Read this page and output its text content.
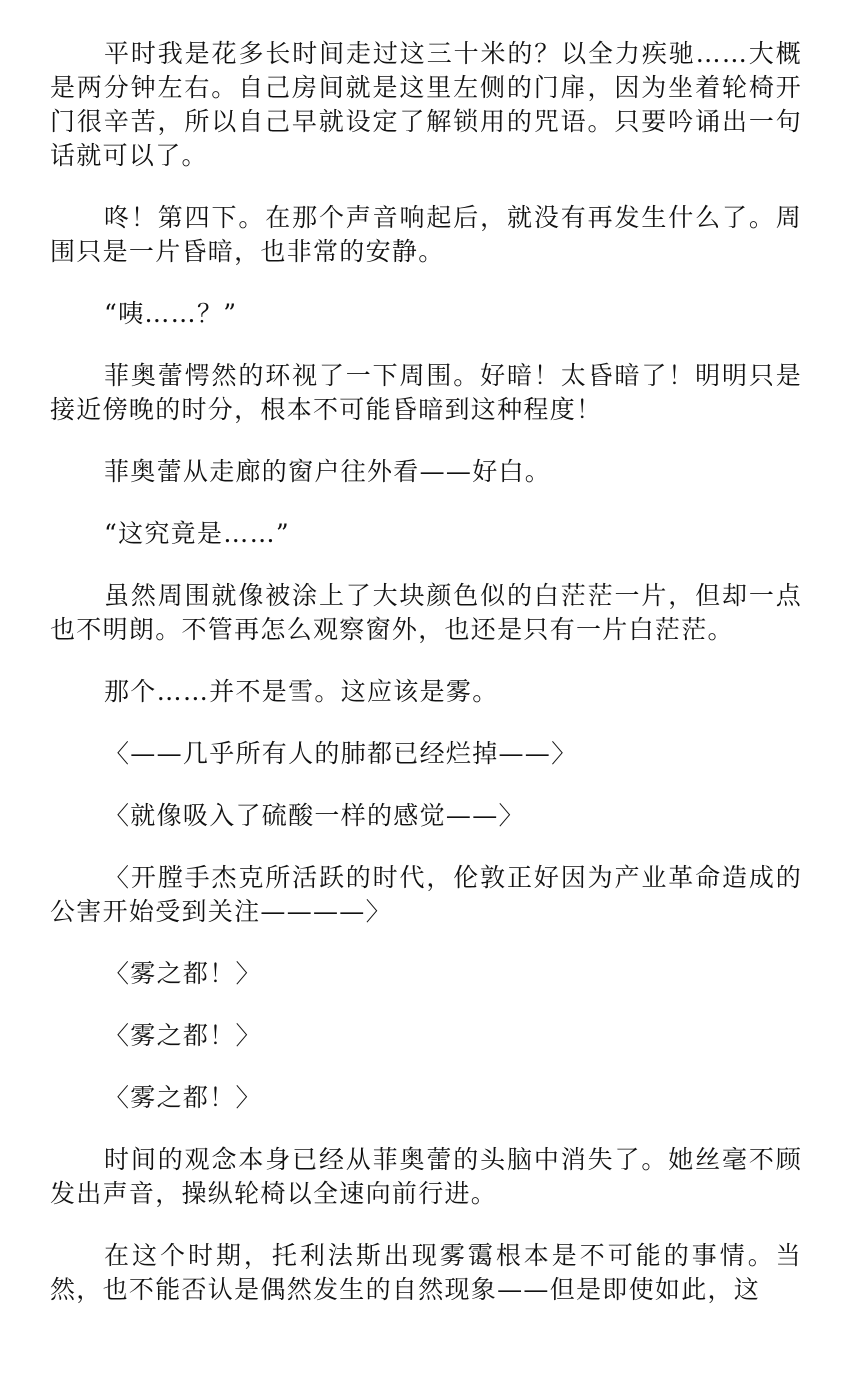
平时我是花多长时间走过这三十米的？以全力疾驰……大概是两分钟左右。自己房间就是这里左侧的门扉，因为坐着轮椅开门很辛苦，所以自己早就设定了解锁用的咒语。只要吟诵出一句话就可以了。

咚！第四下。在那个声音响起后，就没有再发生什么了。周围只是一片昏暗，也非常的安静。

“咦……？”

菲奥蕾愕然的环视了一下周围。好暗！太昏暗了！明明只是接近傍晚的时分，根本不可能昏暗到这种程度！

菲奥蕾从走廊的窗户往外看——好白。

“这究竟是……”

虽然周围就像被涂上了大块颜色似的白茫茫一片，但却一点也不明朗。不管再怎么观察窗外，也还是只有一片白茫茫。

那个……并不是雪。这应该是雾。

〈——几乎所有人的肺都已经烂掉——〉

〈就像吸入了硫酸一样的感觉——〉

〈开膛手杰克所活跃的时代，伦敦正好因为产业革命造成的公害开始受到关注————〉

〈雾之都！〉

〈雾之都！〉

〈雾之都！〉

时间的观念本身已经从菲奥蕾的头脑中消失了。她丝毫不顾发出声音，操纵轮椅以全速向前行进。

在这个时期，托利法斯出现雾霭根本是不可能的事情。当然，也不能否认是偶然发生的自然现象——但是即使如此，这
